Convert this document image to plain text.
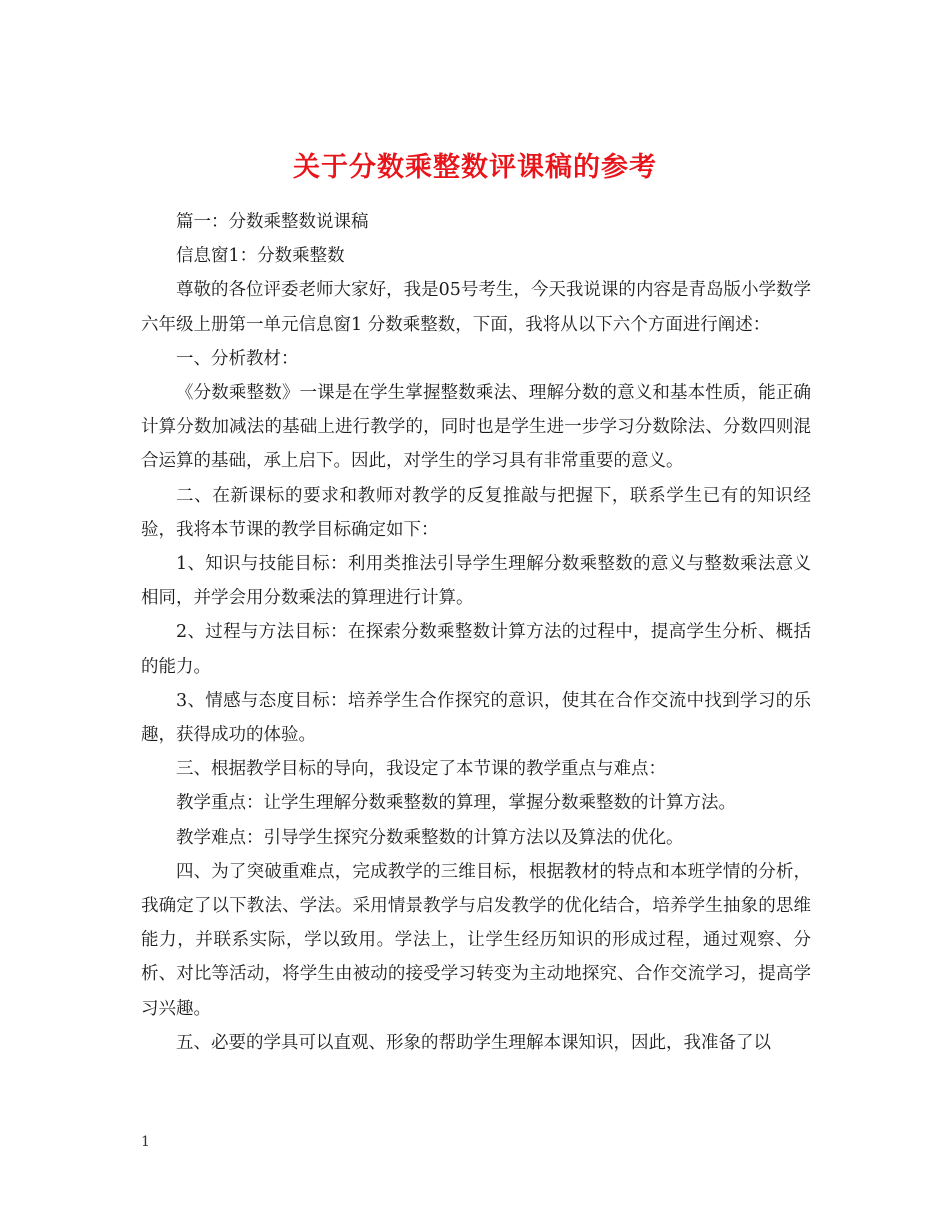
关于分数乘整数评课稿的参考

篇一：分数乘整数说课稿

信息窗1：分数乘整数

尊敬的各位评委老师大家好，我是05号考生，今天我说课的内容是青岛版小学数学六年级上册第一单元信息窗1 分数乘整数，下面，我将从以下六个方面进行阐述：

一、分析教材：

《分数乘整数》一课是在学生掌握整数乘法、理解分数的意义和基本性质，能正确计算分数加减法的基础上进行教学的，同时也是学生进一步学习分数除法、分数四则混合运算的基础，承上启下。因此，对学生的学习具有非常重要的意义。

二、在新课标的要求和教师对教学的反复推敲与把握下，联系学生已有的知识经验，我将本节课的教学目标确定如下：

1、知识与技能目标：利用类推法引导学生理解分数乘整数的意义与整数乘法意义相同，并学会用分数乘法的算理进行计算。

2、过程与方法目标：在探索分数乘整数计算方法的过程中，提高学生分析、概括的能力。

3、情感与态度目标：培养学生合作探究的意识，使其在合作交流中找到学习的乐趣，获得成功的体验。

三、根据教学目标的导向，我设定了本节课的教学重点与难点：

教学重点：让学生理解分数乘整数的算理，掌握分数乘整数的计算方法。

教学难点：引导学生探究分数乘整数的计算方法以及算法的优化。

四、为了突破重难点，完成教学的三维目标，根据教材的特点和本班学情的分析，我确定了以下教法、学法。采用情景教学与启发教学的优化结合，培养学生抽象的思维能力，并联系实际，学以致用。学法上，让学生经历知识的形成过程，通过观察、分析、对比等活动，将学生由被动的接受学习转变为主动地探究、合作交流学习，提高学习兴趣。

五、必要的学具可以直观、形象的帮助学生理解本课知识，因此，我准备了以

1
